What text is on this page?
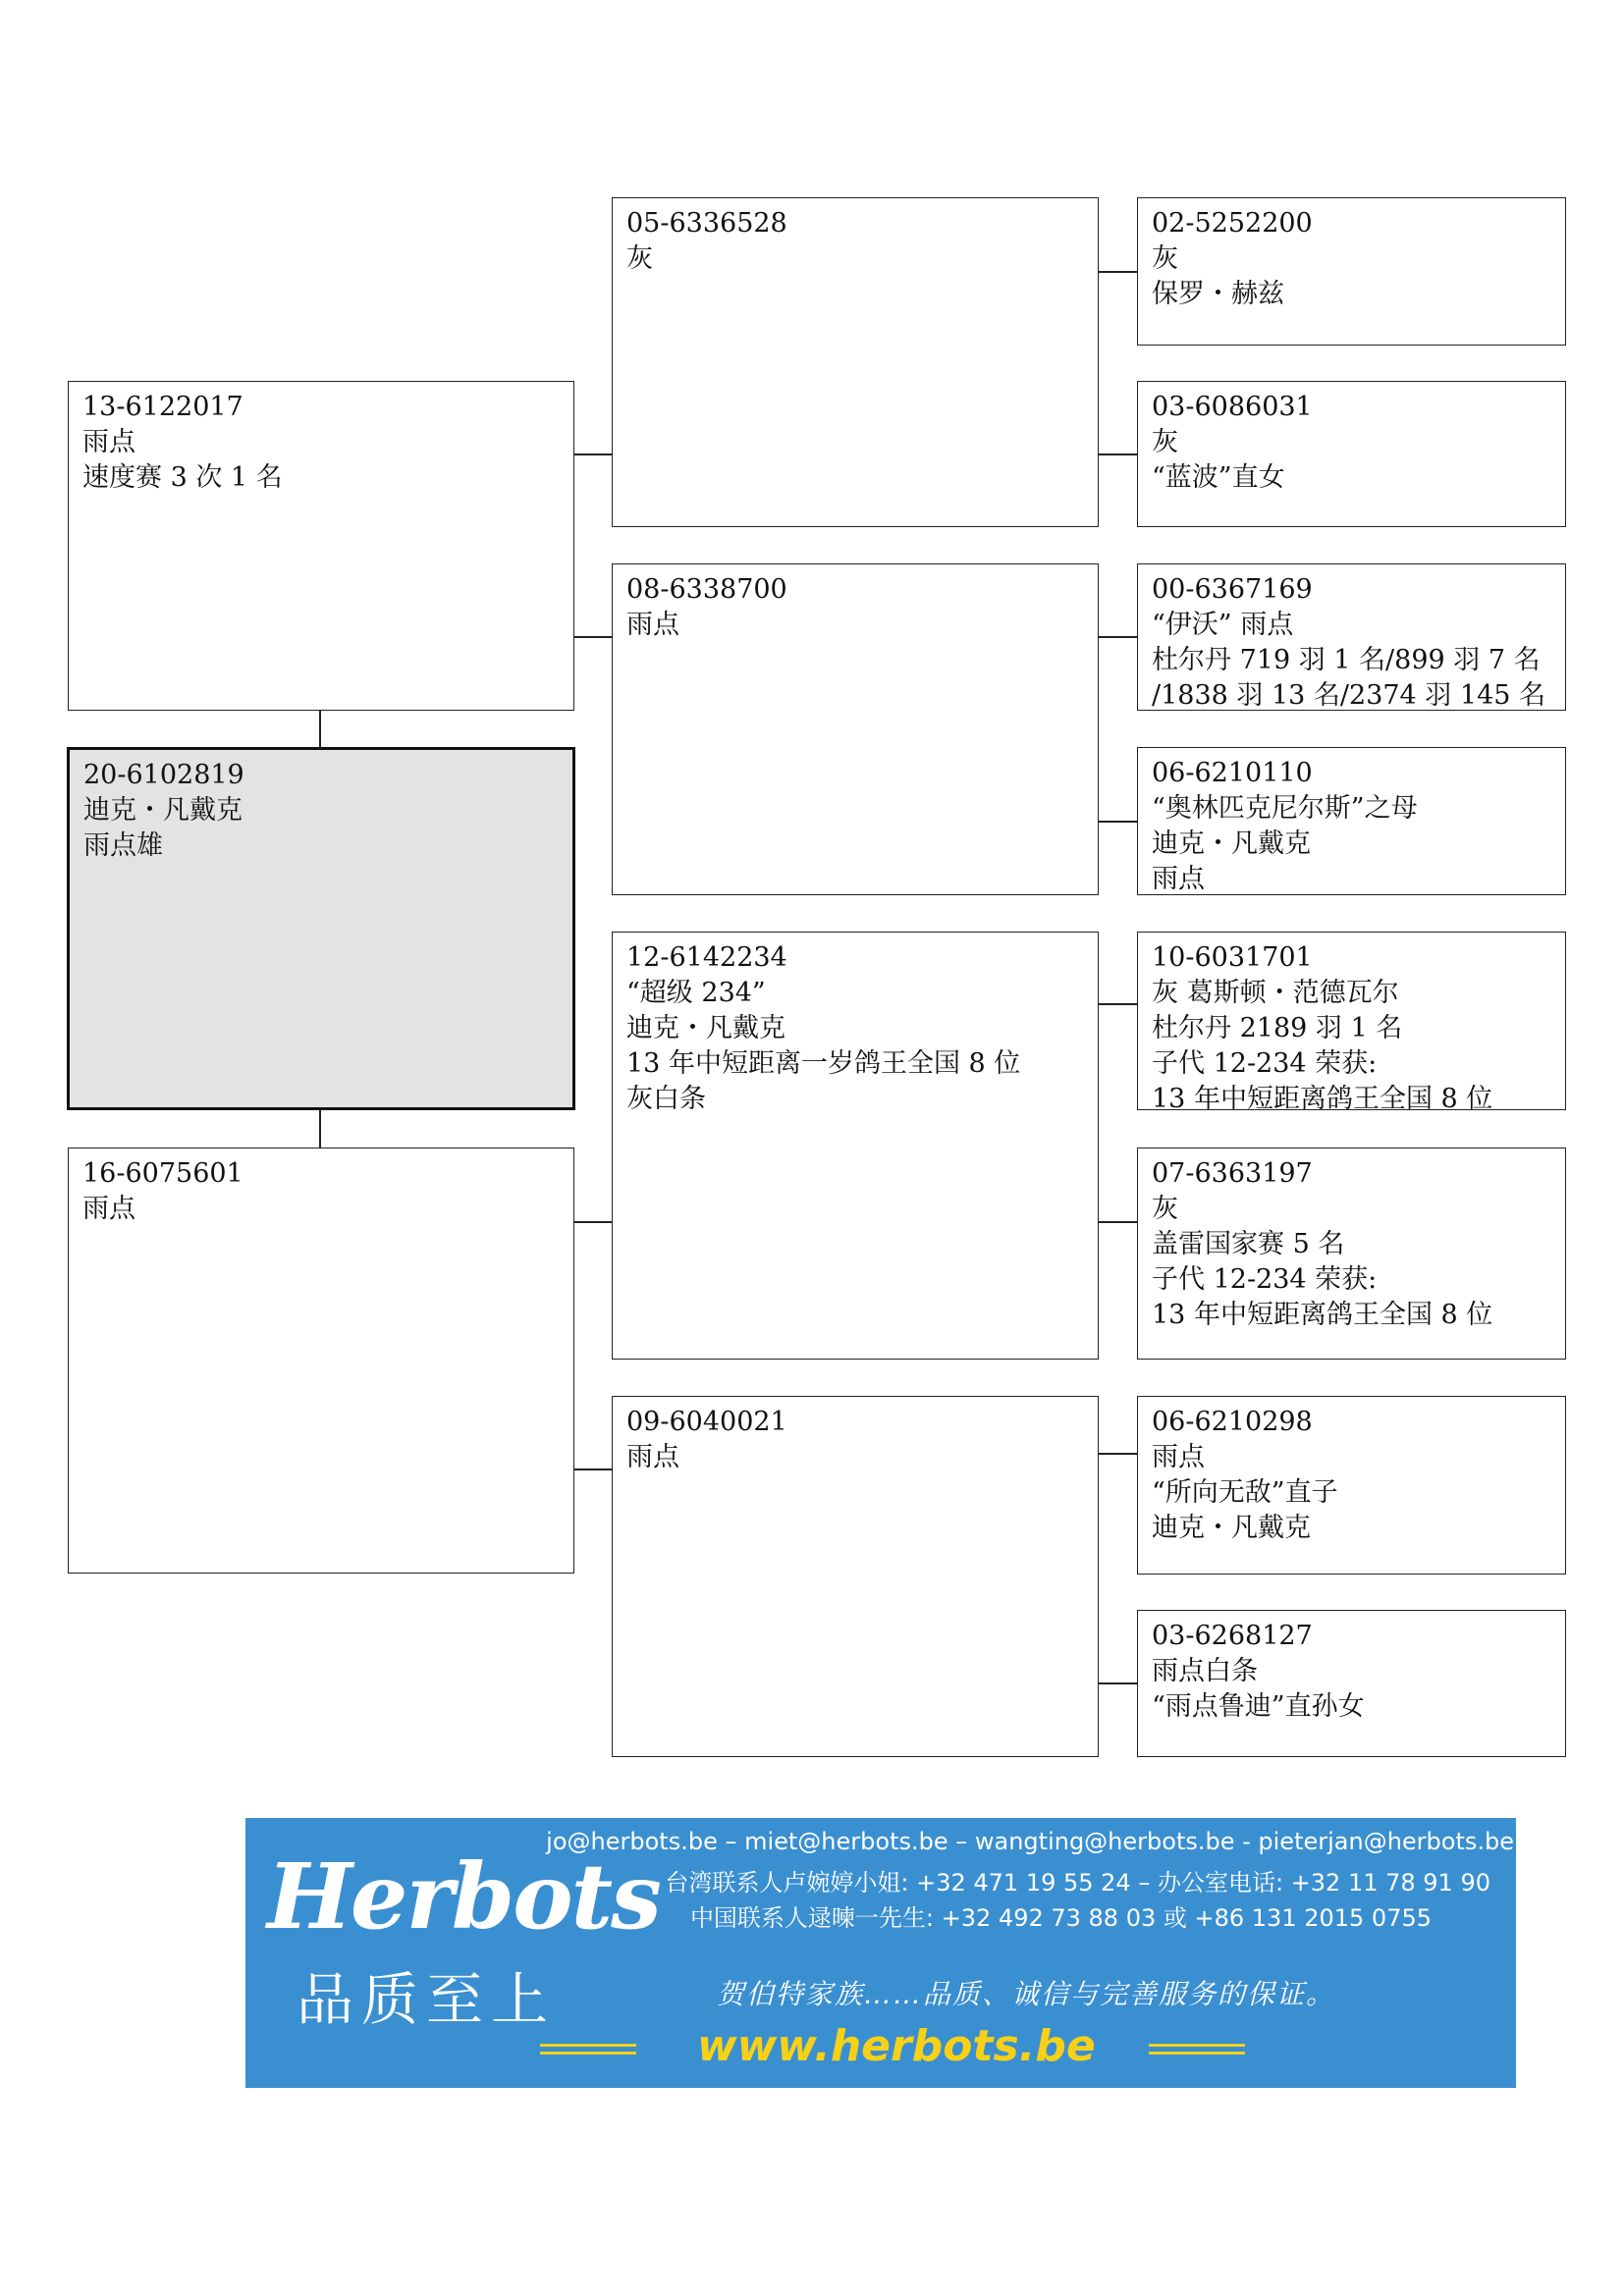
13-6122017
雨点
速度赛 3 次 1 名
20-6102819
迪克・凡戴克
雨点雄
16-6075601
雨点
05-6336528
灰
08-6338700
雨点
12-6142234
“超级 234”
迪克・凡戴克
13 年中短距离一岁鸽王全国 8 位
灰白条
09-6040021
雨点
02-5252200
灰
保罗・赫兹
03-6086031
灰
“蓝波”直女
00-6367169
“伊沃” 雨点
杜尔丹 719 羽 1 名/899 羽 7 名
/1838 羽 13 名/2374 羽 145 名
06-6210110
“奥林匹克尼尔斯”之母
迪克・凡戴克
雨点
10-6031701
灰 葛斯顿・范德瓦尔
杜尔丹 2189 羽 1 名
子代 12-234 荣获:
13 年中短距离鸽王全国 8 位
07-6363197
灰
盖雷国家赛 5 名
子代 12-234 荣获:
13 年中短距离鸽王全国 8 位
06-6210298
雨点
“所向无敌”直子
迪克・凡戴克
03-6268127
雨点白条
“雨点鲁迪”直孙女
Herbots
品质至上
jo@herbots.be – miet@herbots.be – wangting@herbots.be - pieterjan@herbots.be
台湾联系人卢婉婷小姐: +32 471 19 55 24 – 办公室电话: +32 11 78 91 90
中国联系人逯暕一先生: +32 492 73 88 03 或 +86 131 2015 0755
贺伯特家族……品质、诚信与完善服务的保证。
www.herbots.be
